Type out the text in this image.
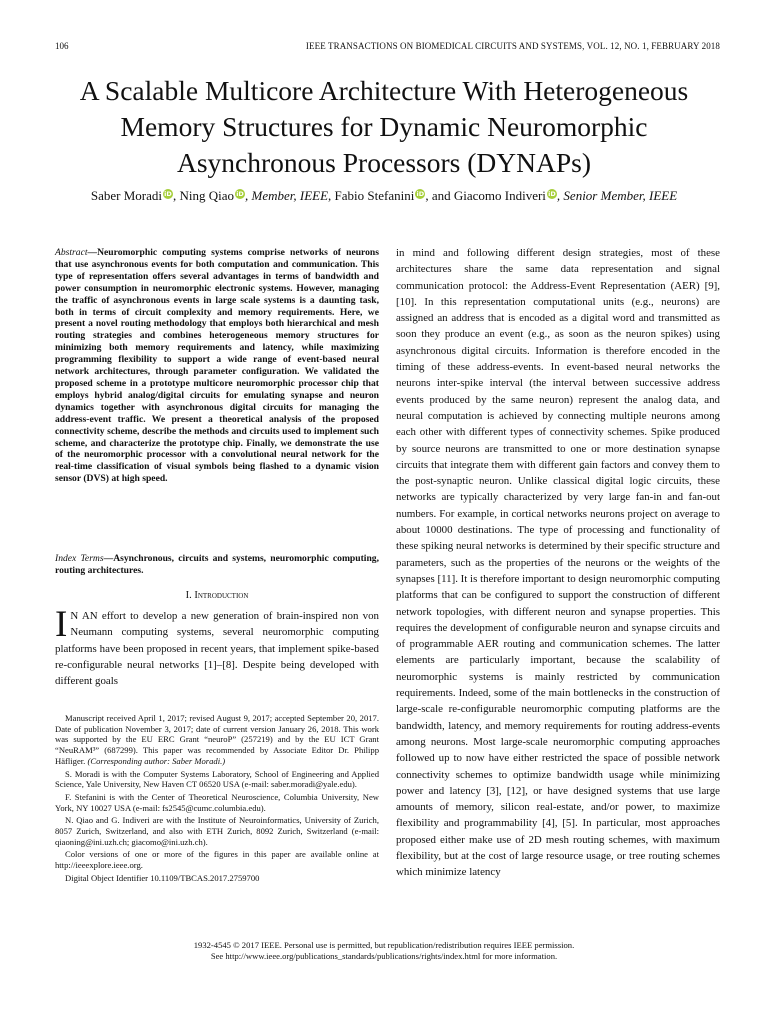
106	IEEE TRANSACTIONS ON BIOMEDICAL CIRCUITS AND SYSTEMS, VOL. 12, NO. 1, FEBRUARY 2018
A Scalable Multicore Architecture With Heterogeneous Memory Structures for Dynamic Neuromorphic Asynchronous Processors (DYNAPs)
Saber Moradi iD, Ning Qiao iD, Member, IEEE, Fabio Stefanini iD, and Giacomo Indiveri iD, Senior Member, IEEE
Abstract—Neuromorphic computing systems comprise networks of neurons that use asynchronous events for both computation and communication. This type of representation offers several advantages in terms of bandwidth and power consumption in neuromorphic electronic systems. However, managing the traffic of asynchronous events in large scale systems is a daunting task, both in terms of circuit complexity and memory requirements. Here, we present a novel routing methodology that employs both hierarchical and mesh routing strategies and combines heterogeneous memory structures for minimizing both memory requirements and latency, while maximizing programming flexibility to support a wide range of event-based neural network architectures, through parameter configuration. We validated the proposed scheme in a prototype multicore neuromorphic processor chip that employs hybrid analog/digital circuits for emulating synapse and neuron dynamics together with asynchronous digital circuits for managing the address-event traffic. We present a theoretical analysis of the proposed connectivity scheme, describe the methods and circuits used to implement such scheme, and characterize the prototype chip. Finally, we demonstrate the use of the neuromorphic processor with a convolutional neural network for the real-time classification of visual symbols being flashed to a dynamic vision sensor (DVS) at high speed.
Index Terms—Asynchronous, circuits and systems, neuromorphic computing, routing architectures.
I. Introduction
I N AN effort to develop a new generation of brain-inspired non von Neumann computing systems, several neuromorphic computing platforms have been proposed in recent years, that implement spike-based re-configurable neural networks [1]–[8]. Despite being developed with different goals

Manuscript received April 1, 2017; revised August 9, 2017; accepted September 20, 2017. Date of publication November 3, 2017; date of current version January 26, 2018. This work was supported by the EU ERC Grant “neuroP” (257219) and by the EU ICT Grant “NeuRAM³” (687299). This paper was recommended by Associate Editor Dr. Philipp Häfliger. (Corresponding author: Saber Moradi.)

S. Moradi is with the Computer Systems Laboratory, School of Engineering and Applied Science, Yale University, New Haven CT 06520 USA (e-mail: saber.moradi@yale.edu).

F. Stefanini is with the Center of Theoretical Neuroscience, Columbia University, New York, NY 10027 USA (e-mail: fs2545@cumc.columbia.edu).

N. Qiao and G. Indiveri are with the Institute of Neuroinformatics, University of Zurich, 8057 Zurich, Switzerland, and also with ETH Zurich, 8092 Zurich, Switzerland (e-mail: qiaoning@ini.uzh.ch; giacomo@ini.uzh.ch).

Color versions of one or more of the figures in this paper are available online at http://ieeexplore.ieee.org.

Digital Object Identifier 10.1109/TBCAS.2017.2759700

in mind and following different design strategies, most of these architectures share the same data representation and signal communication protocol: the Address-Event Representation (AER) [9], [10]. In this representation computational units (e.g., neurons) are assigned an address that is encoded as a digital word and transmitted as soon they produce an event (e.g., as soon as the neuron spikes) using asynchronous digital circuits. Information is therefore encoded in the timing of these address-events. In event-based neural networks the neurons inter-spike interval (the interval between successive address events produced by the same neuron) represent the analog data, and neural computation is achieved by connecting multiple neurons among each other with different types of connectivity schemes. Spike produced by source neurons are transmitted to one or more destination synapse circuits that integrate them with different gain factors and convey them to the post-synaptic neuron. Unlike classical digital logic circuits, these networks are typically characterized by very large fan-in and fan-out numbers. For example, in cortical networks neurons project on average to about 10000 destinations. The type of processing and functionality of these spiking neural networks is determined by their specific structure and parameters, such as the properties of the neurons or the weights of the synapses [11]. It is therefore important to design neuromorphic computing platforms that can be configured to support the construction of different network topologies, with different neuron and synapse properties. This requires the development of configurable neuron and synapse circuits and of programmable AER routing and communication schemes. The latter elements are particularly important, because the scalability of neuromorphic systems is mainly restricted by communication requirements. Indeed, some of the main bottlenecks in the construction of large-scale re-configurable neuromorphic computing platforms are the bandwidth, latency, and memory requirements for routing address-events among neurons. Most large-scale neuromorphic computing approaches followed up to now have either restricted the space of possible network connectivity schemes to optimize bandwidth usage while minimizing power and latency [3], [12], or have designed systems that use large amounts of memory, silicon real-estate, and/or power, to maximize flexibility and programmability [4], [5]. In particular, most approaches proposed either make use of 2D mesh routing schemes, with maximum flexibility, but at the cost of large resource usage, or tree routing schemes which minimize latency
1932-4545 © 2017 IEEE. Personal use is permitted, but republication/redistribution requires IEEE permission.
See http://www.ieee.org/publications_standards/publications/rights/index.html for more information.
